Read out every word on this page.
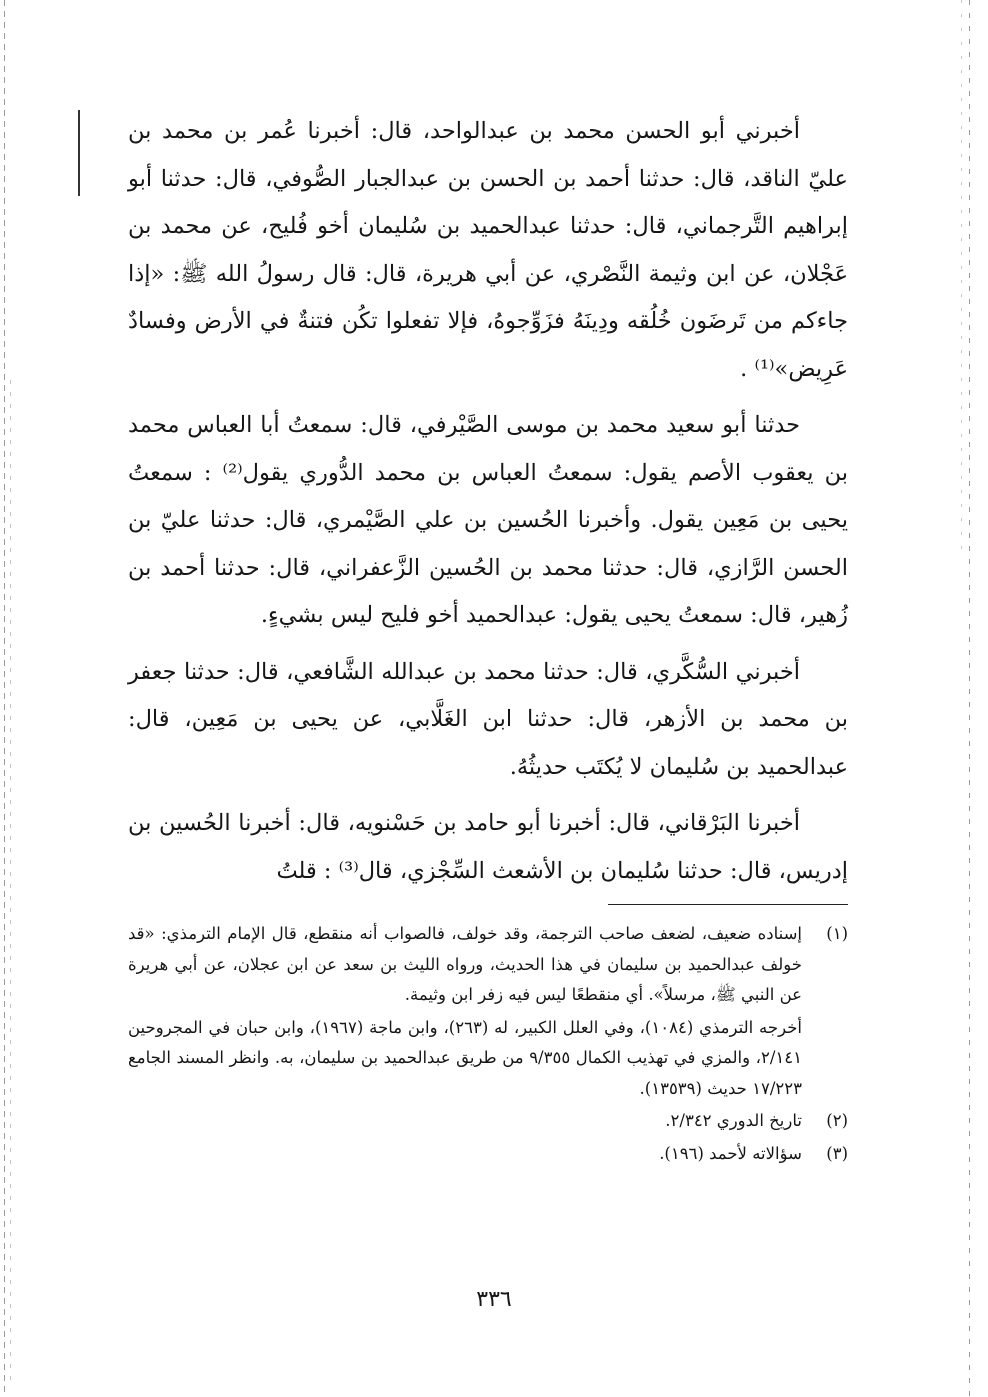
أخبرني أبو الحسن محمد بن عبدالواحد، قال: أخبرنا عُمر بن محمد بن عليّ الناقد، قال: حدثنا أحمد بن الحسن بن عبدالجبار الصُّوفي، قال: حدثنا أبو إبراهيم التَّرجماني، قال: حدثنا عبدالحميد بن سُليمان أخو فُليح، عن محمد بن عَجْلان، عن ابن وثيمة النَّصْري، عن أبي هريرة، قال: قال رسولُ الله ﷺ: «إذا جاءكم من تَرضَون خُلُقه ودِينَهُ فزَوِّجوهُ، فإلا تفعلوا تكُن فتنةٌ في الأرض وفسادٌ عَرِيض»⁽¹⁾ .

حدثنا أبو سعيد محمد بن موسى الصَّيْرفي، قال: سمعتُ أبا العباس محمد بن يعقوب الأصم يقول: سمعتُ العباس بن محمد الدُّوري يقول⁽²⁾ : سمعتُ يحيى بن مَعِين يقول. وأخبرنا الحُسين بن علي الصَّيْمري، قال: حدثنا عليّ بن الحسن الرَّازي، قال: حدثنا محمد بن الحُسين الزَّعفراني، قال: حدثنا أحمد بن زُهير، قال: سمعتُ يحيى يقول: عبدالحميد أخو فليح ليس بشيءٍ.

أخبرني السُّكَّري، قال: حدثنا محمد بن عبدالله الشَّافعي، قال: حدثنا جعفر بن محمد بن الأزهر، قال: حدثنا ابن الغَلَّابي، عن يحيى بن مَعِين، قال: عبدالحميد بن سُليمان لا يُكتَب حديثُهُ.

أخبرنا البَرْقاني، قال: أخبرنا أبو حامد بن حَسْنويه، قال: أخبرنا الحُسين بن إدريس، قال: حدثنا سُليمان بن الأشعث السِّجْزي، قال⁽³⁾ : قلتُ

(١)
إسناده ضعيف، لضعف صاحب الترجمة، وقد خولف، فالصواب أنه منقطع، قال الإمام الترمذي: «قد خولف عبدالحميد بن سليمان في هذا الحديث، ورواه الليث بن سعد عن ابن عجلان، عن أبي هريرة عن النبي ﷺ، مرسلاً». أي منقطعًا ليس فيه زفر ابن وثيمة.
أخرجه الترمذي (١٠٨٤)، وفي العلل الكبير، له (٢٦٣)، وابن ماجة (١٩٦٧)، وابن حبان في المجروحين ٢/١٤١، والمزي في تهذيب الكمال ٩/٣٥٥ من طريق عبدالحميد بن سليمان، به. وانظر المسند الجامع ١٧/٢٢٣ حديث (١٣٥٣٩).
(٢)
تاريخ الدوري ٢/٣٤٢.
(٣)
سؤالاته لأحمد (١٩٦).
٣٣٦
